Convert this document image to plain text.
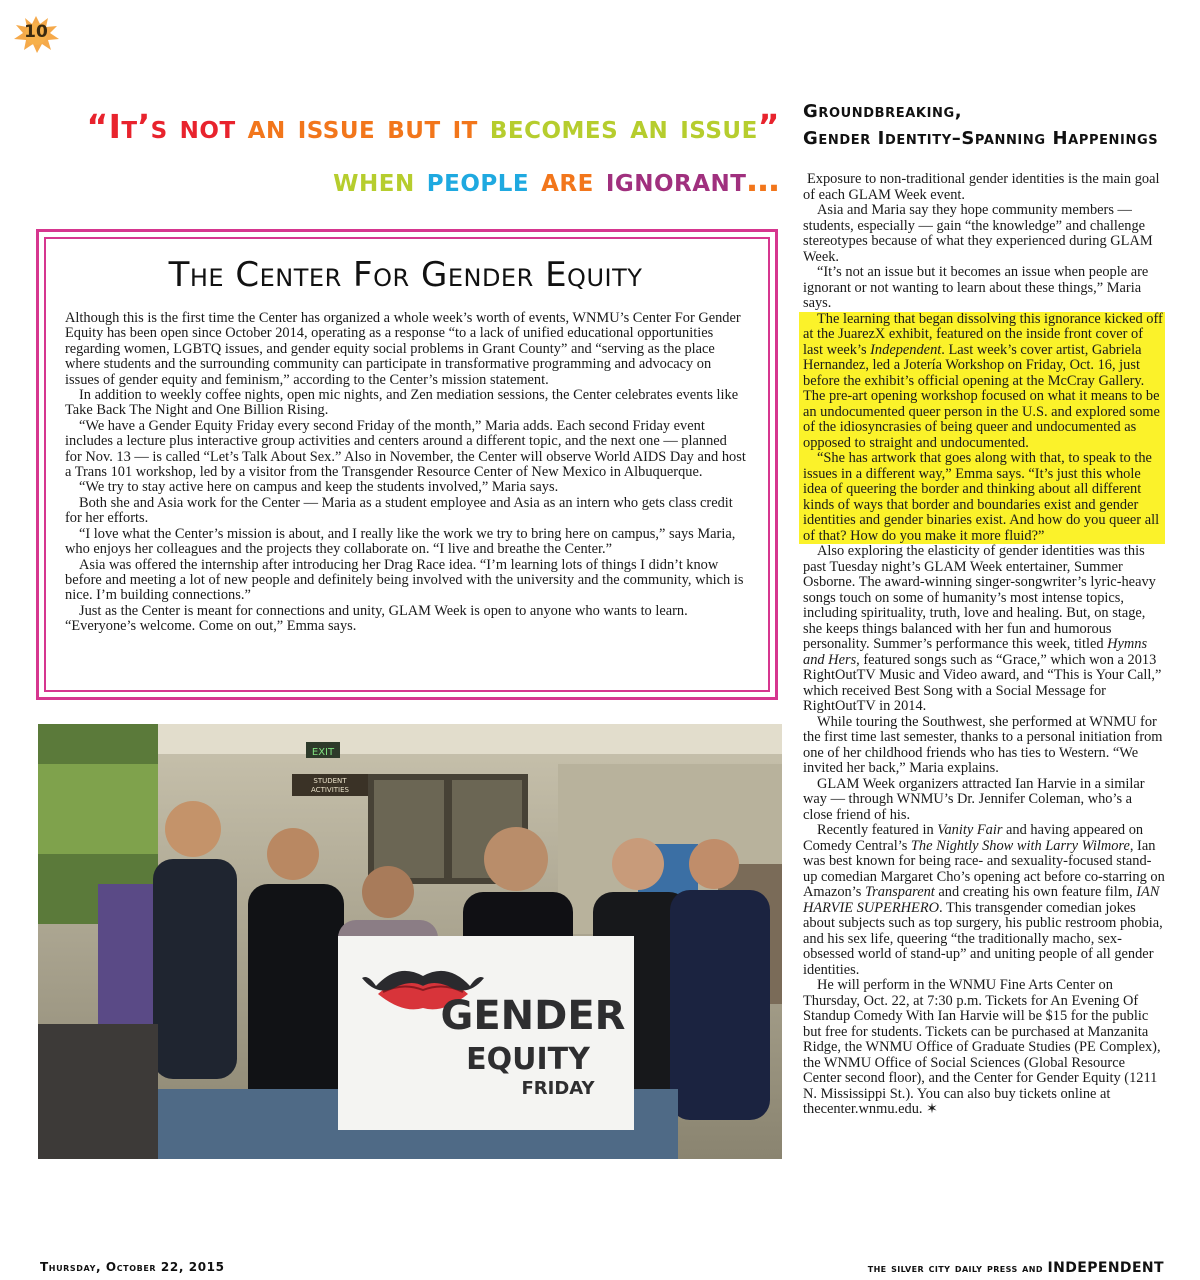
10
“It’s not an issue but it becomes an issue”
when people are ignorant…
The Center For Gender Equity

Although this is the first time the Center has organized a whole week’s worth of events, WNMU’s Center For Gender Equity has been open since October 2014, operating as a response “to a lack of unified educational opportunities regarding women, LGBTQ issues, and gender equity social problems in Grant County” and “serving as the place where students and the surrounding community can participate in transformative programming and advocacy on issues of gender equity and feminism,” according to the Center’s mission statement.

In addition to weekly coffee nights, open mic nights, and Zen mediation sessions, the Center celebrates events like Take Back The Night and One Billion Rising.

“We have a Gender Equity Friday every second Friday of the month,” Maria adds. Each second Friday event includes a lecture plus interactive group activities and centers around a different topic, and the next one — planned for Nov. 13 — is called “Let’s Talk About Sex.” Also in November, the Center will observe World AIDS Day and host a Trans 101 workshop, led by a visitor from the Transgender Resource Center of New Mexico in Albuquerque.

“We try to stay active here on campus and keep the students involved,” Maria says.

Both she and Asia work for the Center — Maria as a student employee and Asia as an intern who gets class credit for her efforts.

“I love what the Center’s mission is about, and I really like the work we try to bring here on campus,” says Maria, who enjoys her colleagues and the projects they collaborate on. “I live and breathe the Center.”

Asia was offered the internship after introducing her Drag Race idea. “I’m learning lots of things I didn’t know before and meeting a lot of new people and definitely being involved with the university and the community, which is nice. I’m building connections.”

Just as the Center is meant for connections and unity, GLAM Week is open to anyone who wants to learn. “Everyone’s welcome. Come on out,” Emma says.

EXIT
STUDENT
ACTIVITIES
GENDER
EQUITY
FRIDAY
Groundbreaking,
Gender Identity–Spanning Happenings

Exposure to non-traditional gender identities is the main goal of each GLAM Week event.

Asia and Maria say they hope community members — students, especially — gain “the knowledge” and challenge stereotypes because of what they experienced during GLAM Week.

“It’s not an issue but it becomes an issue when people are ignorant or not wanting to learn about these things,” Maria says.

The learning that began dissolving this ignorance kicked off at the JuarezX exhibit, featured on the inside front cover of last week’s Independent. Last week’s cover artist, Gabriela Hernandez, led a Jotería Workshop on Friday, Oct. 16, just before the exhibit’s official opening at the McCray Gallery. The pre-art opening workshop focused on what it means to be an undocumented queer person in the U.S. and explored some of the idiosyncrasies of being queer and undocumented as opposed to straight and undocumented.

“She has artwork that goes along with that, to speak to the issues in a different way,” Emma says. “It’s just this whole idea of queering the border and thinking about all different kinds of ways that border and boundaries exist and gender identities and gender binaries exist. And how do you queer all of that? How do you make it more fluid?”

Also exploring the elasticity of gender identities was this past Tuesday night’s GLAM Week entertainer, Summer Osborne. The award-winning singer-songwriter’s lyric-heavy songs touch on some of humanity’s most intense topics, including spirituality, truth, love and healing. But, on stage, she keeps things balanced with her fun and humorous personality. Summer’s performance this week, titled Hymns and Hers, featured songs such as “Grace,” which won a 2013 RightOutTV Music and Video award, and “This is Your Call,” which received Best Song with a Social Message for RightOutTV in 2014.

While touring the Southwest, she performed at WNMU for the first time last semester, thanks to a personal initiation from one of her childhood friends who has ties to Western. “We invited her back,” Maria explains.

GLAM Week organizers attracted Ian Harvie in a similar way — through WNMU’s Dr. Jennifer Coleman, who’s a close friend of his.

Recently featured in Vanity Fair and having appeared on Comedy Central’s The Nightly Show with Larry Wilmore, Ian was best known for being race- and sexuality-focused stand-up comedian Margaret Cho’s opening act before co-starring on Amazon’s Transparent and creating his own feature film, IAN HARVIE SUPERHERO. This transgender comedian jokes about subjects such as top surgery, his public restroom phobia, and his sex life, queering “the traditionally macho, sex-obsessed world of stand-up” and uniting people of all gender identities.

He will perform in the WNMU Fine Arts Center on Thursday, Oct. 22, at 7:30 p.m. Tickets for An Evening Of Standup Comedy With Ian Harvie will be $15 for the public but free for students. Tickets can be purchased at Manzanita Ridge, the WNMU Office of Graduate Studies (PE Complex), the WNMU Office of Social Sciences (Global Resource Center second floor), and the Center for Gender Equity (1211 N. Mississippi St.). You can also buy tickets online at thecenter.wnmu.edu. ✶

Thursday, October 22, 2015	the silver city daily press and INDEPENDENT
